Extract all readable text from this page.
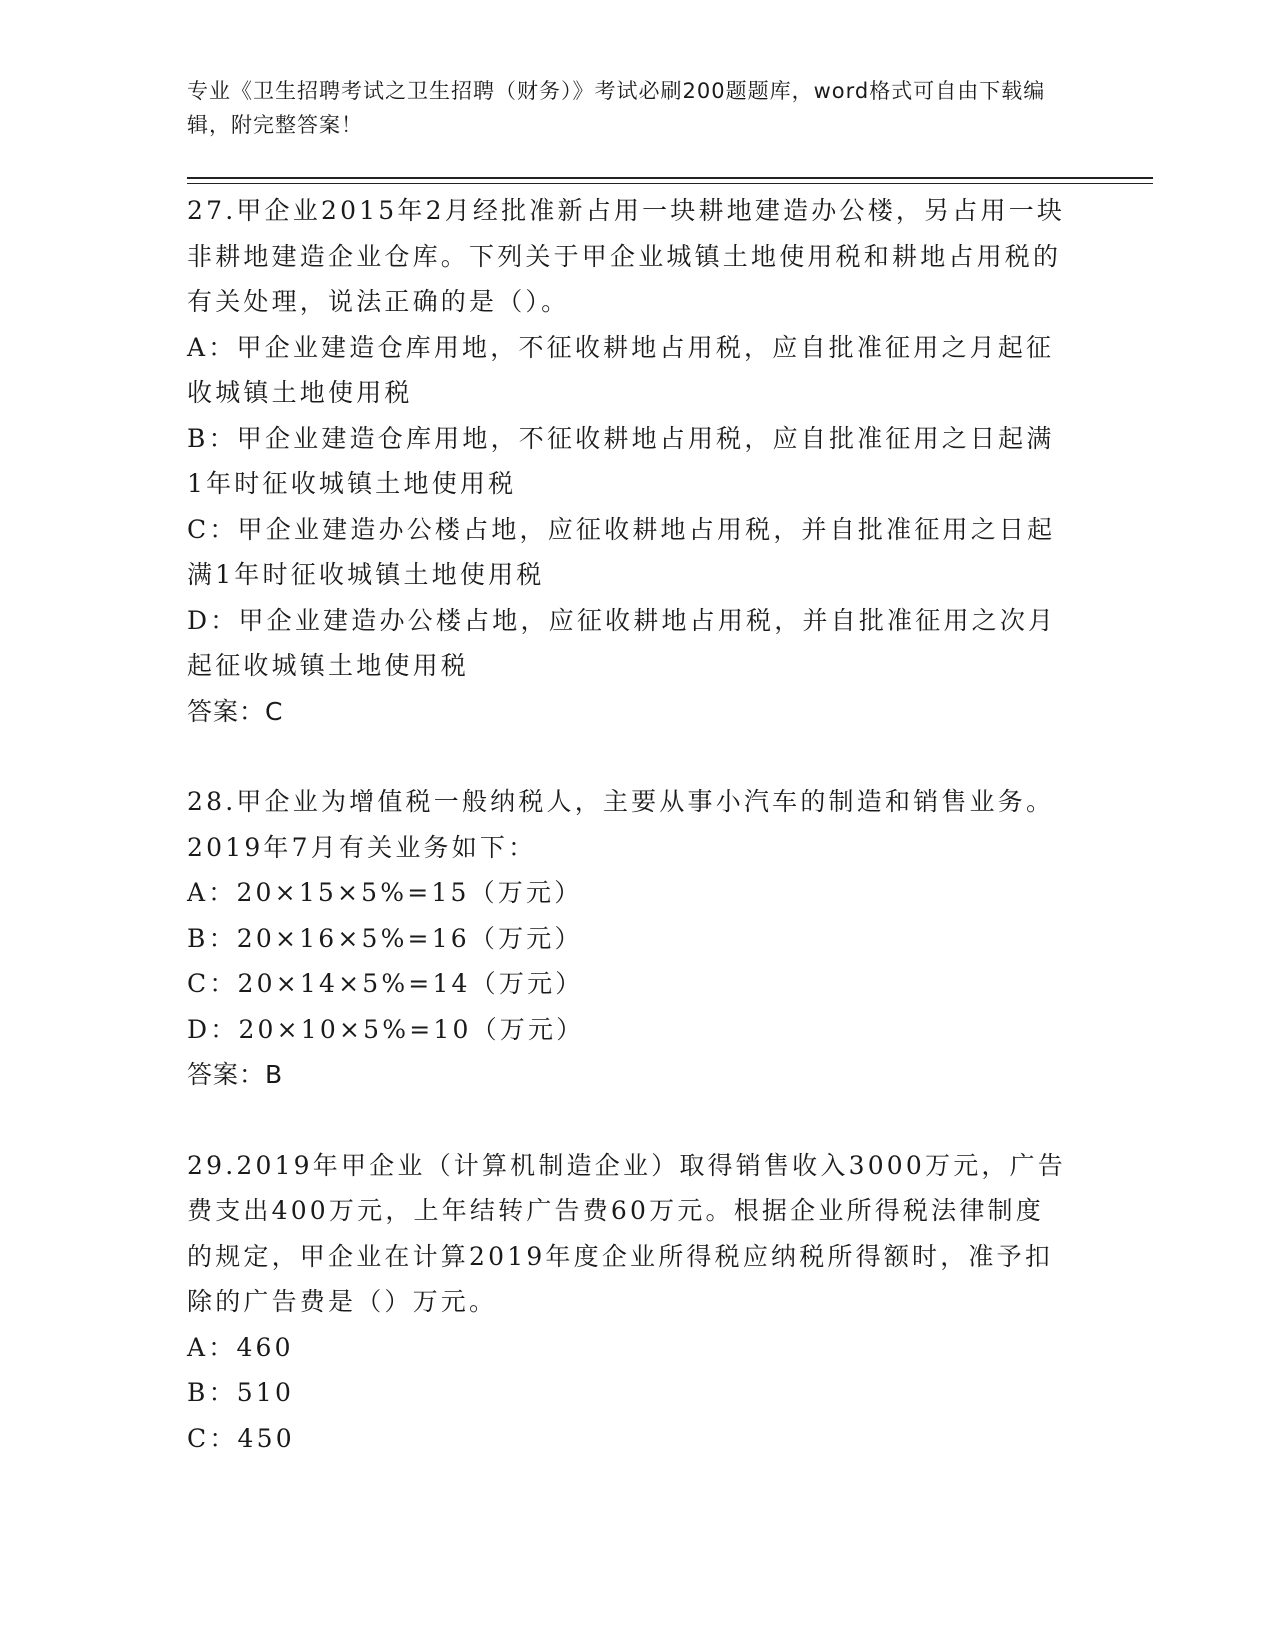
专业《卫生招聘考试之卫生招聘（财务）》考试必刷200题题库，word格式可自由下载编辑，附完整答案！
27.甲企业2015年2月经批准新占用一块耕地建造办公楼，另占用一块非耕地建造企业仓库。下列关于甲企业城镇土地使用税和耕地占用税的有关处理，说法正确的是（）。
A：甲企业建造仓库用地，不征收耕地占用税，应自批准征用之月起征收城镇土地使用税
B：甲企业建造仓库用地，不征收耕地占用税，应自批准征用之日起满1年时征收城镇土地使用税
C：甲企业建造办公楼占地，应征收耕地占用税，并自批准征用之日起满1年时征收城镇土地使用税
D：甲企业建造办公楼占地，应征收耕地占用税，并自批准征用之次月起征收城镇土地使用税
答案：C
28.甲企业为增值税一般纳税人，主要从事小汽车的制造和销售业务。2019年7月有关业务如下：
A：20×15×5%=15（万元）
B：20×16×5%=16（万元）
C：20×14×5%=14（万元）
D：20×10×5%=10（万元）
答案：B
29.2019年甲企业（计算机制造企业）取得销售收入3000万元，广告费支出400万元，上年结转广告费60万元。根据企业所得税法律制度的规定，甲企业在计算2019年度企业所得税应纳税所得额时，准予扣除的广告费是（）万元。
A：460
B：510
C：450
